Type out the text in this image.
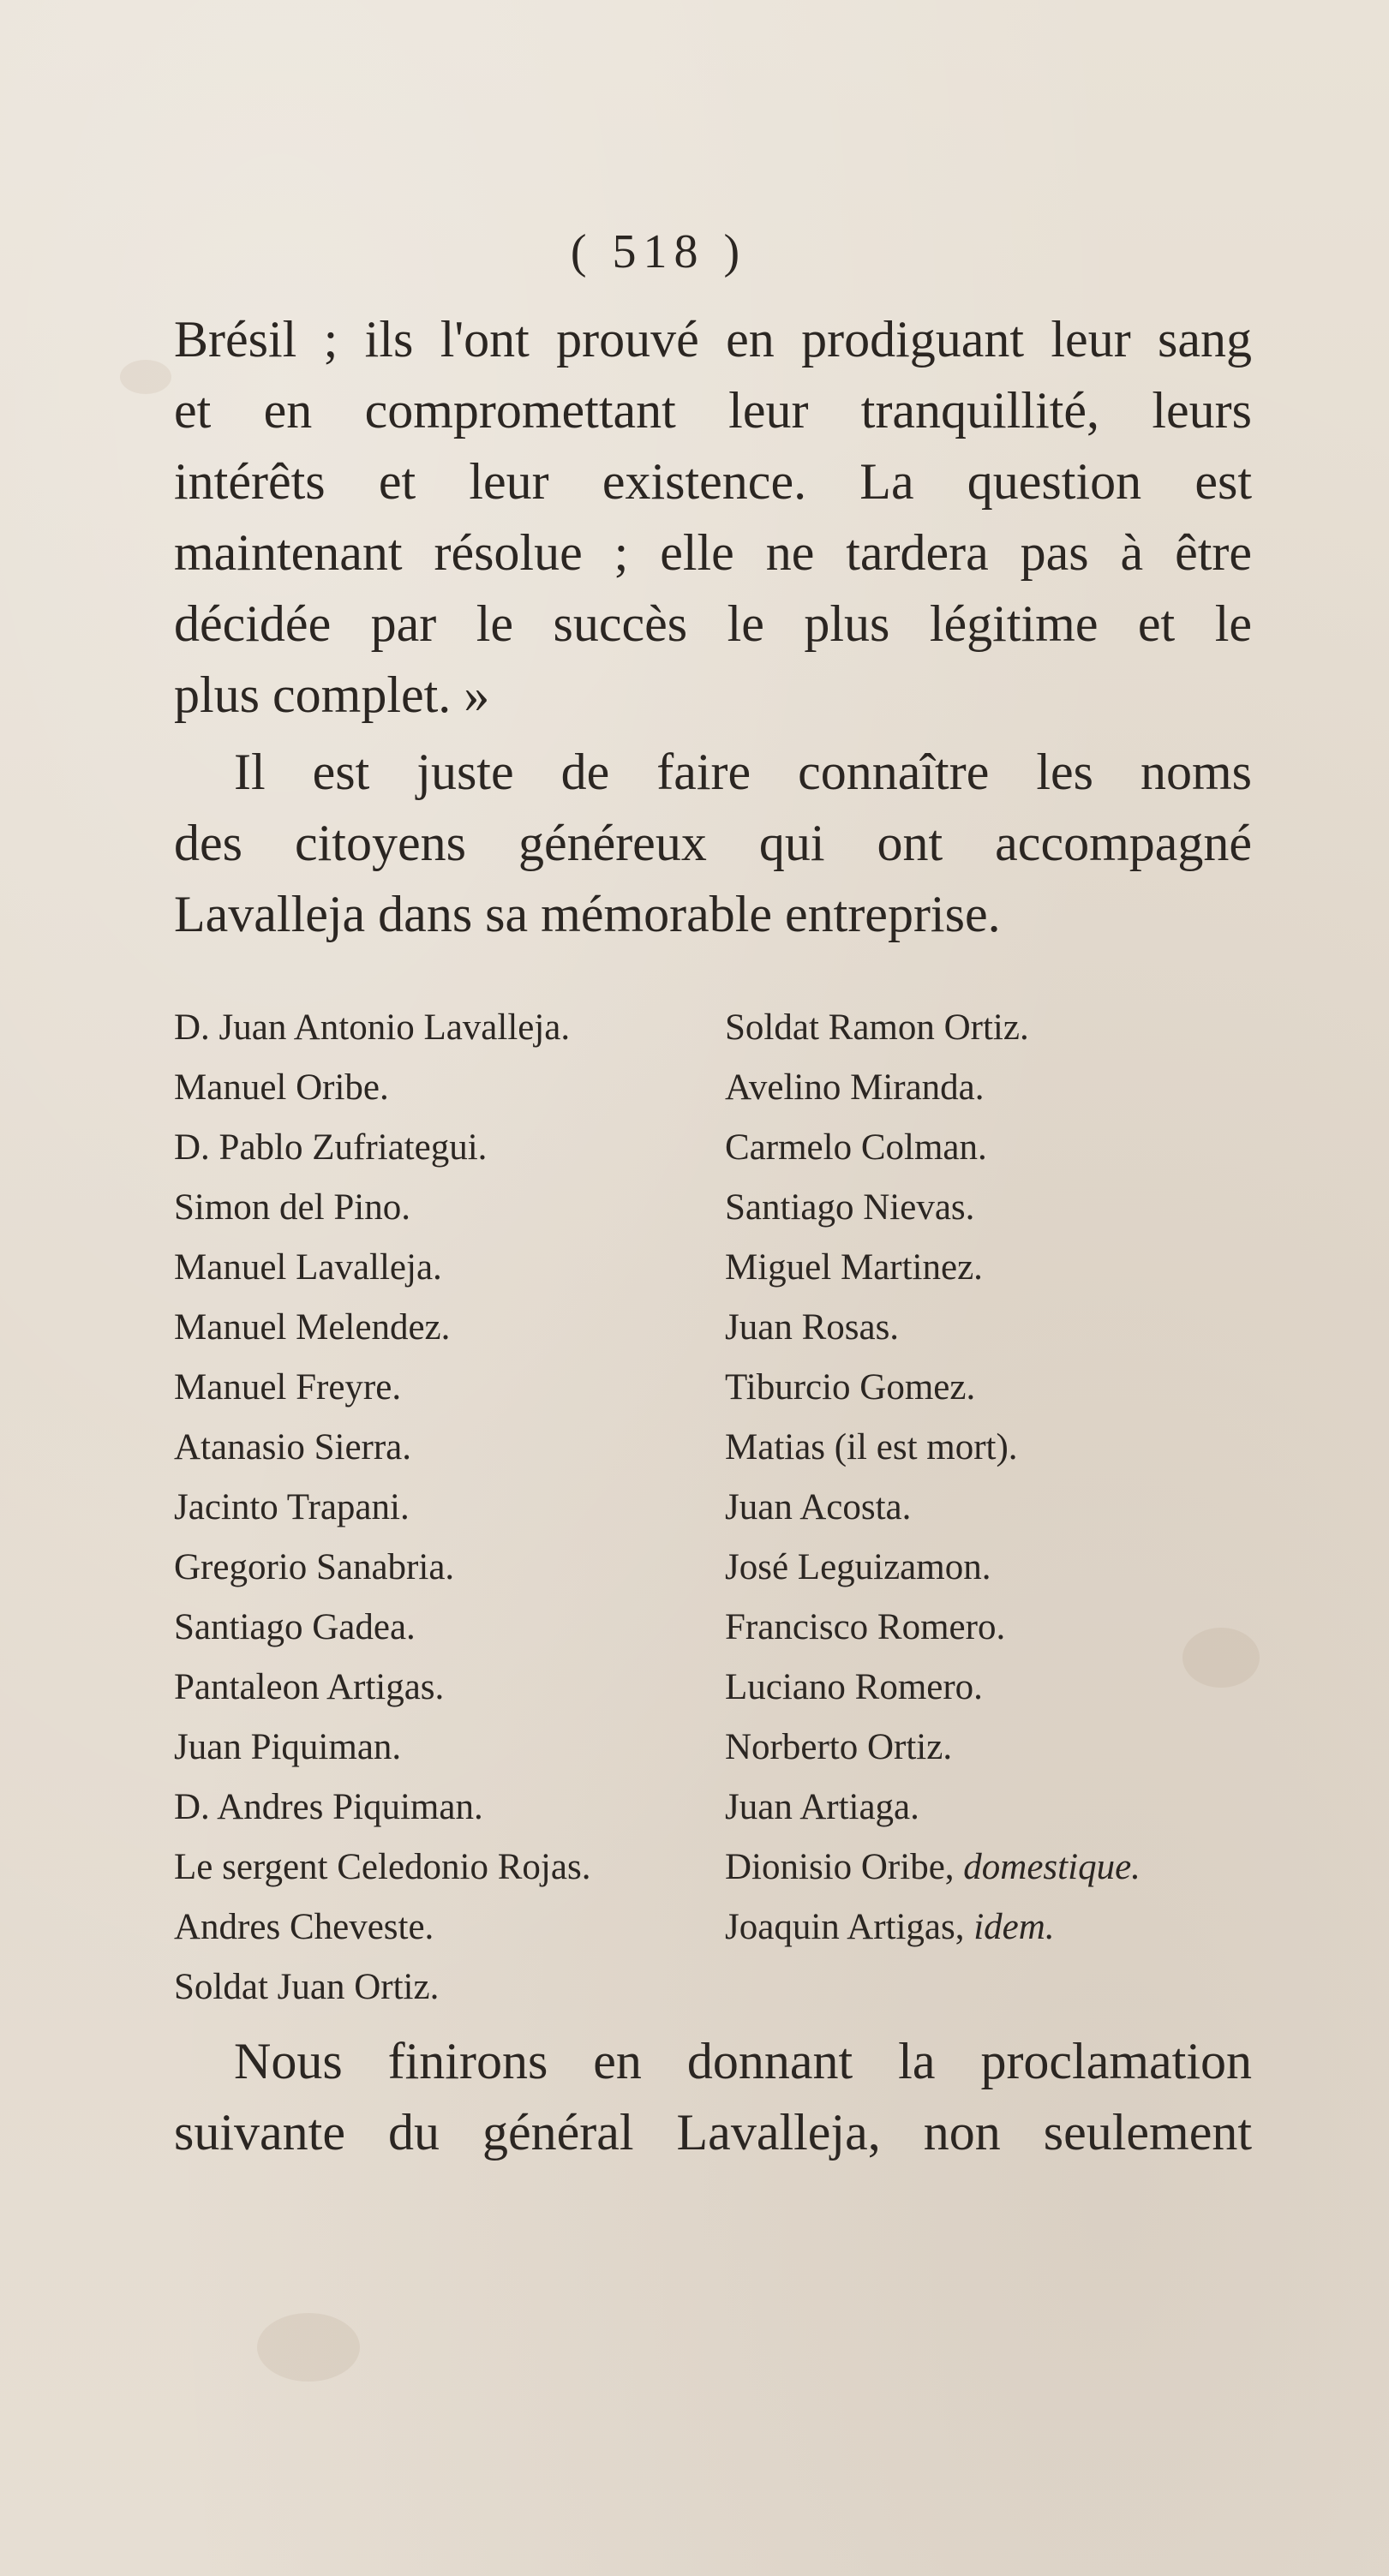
( 518 )
Brésil ; ils l'ont prouvé en prodiguant leur sang
et en compromettant leur tranquillité, leurs
intérêts et leur existence. La question est
maintenant résolue ; elle ne tardera pas à être
décidée par le succès le plus légitime et le
plus complet. »
Il est juste de faire connaître les noms
des citoyens généreux qui ont accompagné
Lavalleja dans sa mémorable entreprise.
D. Juan Antonio Lavalleja.
Manuel Oribe.
D. Pablo Zufriategui.
Simon del Pino.
Manuel Lavalleja.
Manuel Melendez.
Manuel Freyre.
Atanasio Sierra.
Jacinto Trapani.
Gregorio Sanabria.
Santiago Gadea.
Pantaleon Artigas.
Juan Piquiman.
D. Andres Piquiman.
Le sergent Celedonio Rojas.
Andres Cheveste.
Soldat Juan Ortiz.
Soldat Ramon Ortiz.
Avelino Miranda.
Carmelo Colman.
Santiago Nievas.
Miguel Martinez.
Juan Rosas.
Tiburcio Gomez.
Matias (il est mort).
Juan Acosta.
José Leguizamon.
Francisco Romero.
Luciano Romero.
Norberto Ortiz.
Juan Artiaga.
Dionisio Oribe, domestique.
Joaquin Artigas, idem.
Nous finirons en donnant la proclamation
suivante du général Lavalleja, non seulement
